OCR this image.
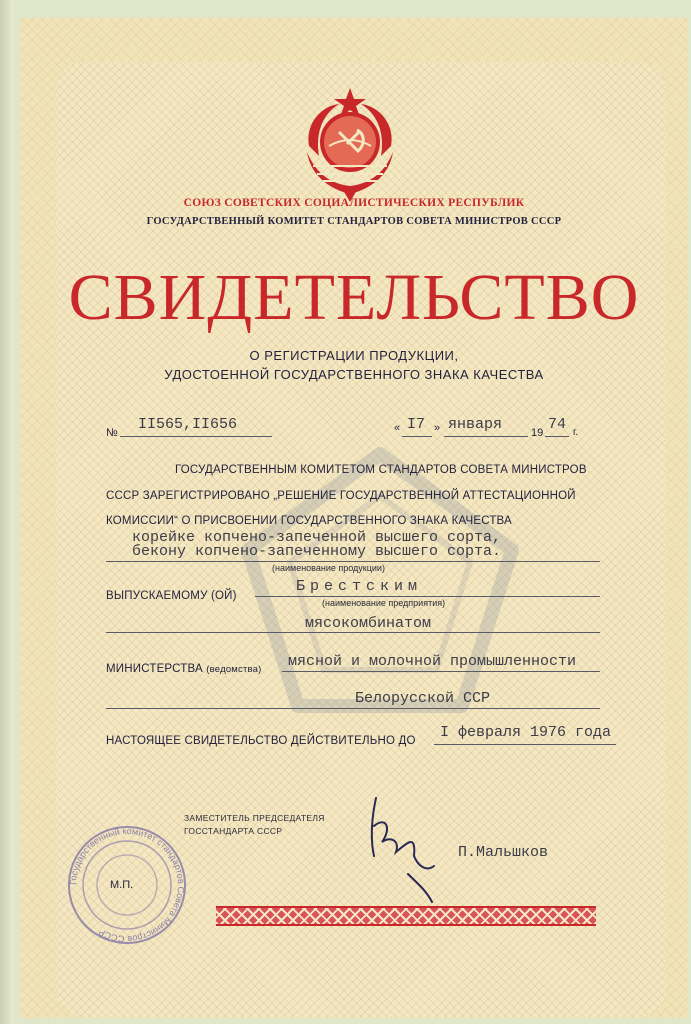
СОЮЗ СОВЕТСКИХ СОЦИАЛИСТИЧЕСКИХ РЕСПУБЛИК
ГОСУДАРСТВЕННЫЙ КОМИТЕТ СТАНДАРТОВ СОВЕТА МИНИСТРОВ СССР
СВИДЕТЕЛЬСТВО
О РЕГИСТРАЦИИ ПРОДУКЦИИ,
УДОСТОЕННОЙ ГОСУДАРСТВЕННОГО ЗНАКА КАЧЕСТВА
№ II565,II656	« I7 » января	19 74 г.
ГОСУДАРСТВЕННЫМ КОМИТЕТОМ СТАНДАРТОВ СОВЕТА МИНИСТРОВ
СССР ЗАРЕГИСТРИРОВАНО „РЕШЕНИЕ ГОСУДАРСТВЕННОЙ АТТЕСТАЦИОННОЙ
КОМИССИИ“ О ПРИСВОЕНИИ ГОСУДАРСТВЕННОГО ЗНАКА КАЧЕСТВА
корейке копчено-запеченной высшего сорта,
бекону копчено-запеченному высшего сорта.
(наименование продукции)
ВЫПУСКАЕМОМУ (ОЙ)
Брестским
(наименование предприятия)
мясокомбинатом
МИНИСТЕРСТВА (ведомства) мясной и молочной промышленности
Белорусской ССР
НАСТОЯЩЕЕ СВИДЕТЕЛЬСТВО ДЕЙСТВИТЕЛЬНО ДО I февраля 1976 года
ЗАМЕСТИТЕЛЬ ПРЕДСЕДАТЕЛЯ
ГОССТАНДАРТА СССР
П.Мальшков
Государственный комитет стандартов Совета Министров СССР
М.П.
